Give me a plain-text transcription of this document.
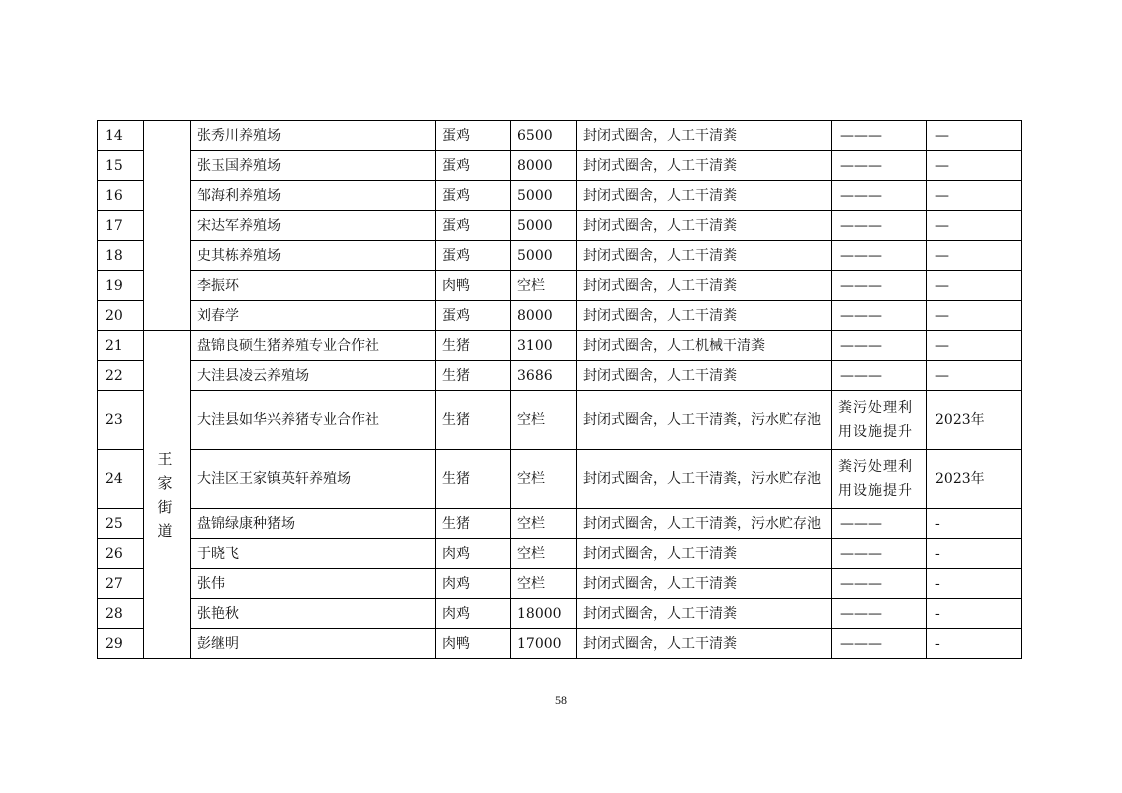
14		张秀川养殖场	蛋鸡	6500	封闭式圈舍，人工干清粪	———	—
15		张玉国养殖场	蛋鸡	8000	封闭式圈舍，人工干清粪	———	—
16		邹海利养殖场	蛋鸡	5000	封闭式圈舍，人工干清粪	———	—
17		宋达军养殖场	蛋鸡	5000	封闭式圈舍，人工干清粪	———	—
18		史其栋养殖场	蛋鸡	5000	封闭式圈舍，人工干清粪	———	—
19		李振环	肉鸭	空栏	封闭式圈舍，人工干清粪	———	—
20		刘春学	蛋鸡	8000	封闭式圈舍，人工干清粪	———	—
21	王家街道	盘锦良硕生猪养殖专业合作社	生猪	3100	封闭式圈舍，人工机械干清粪	———	—
22		大洼县凌云养殖场	生猪	3686	封闭式圈舍，人工干清粪	———	—
23		大洼县如华兴养猪专业合作社	生猪	空栏	封闭式圈舍，人工干清粪，污水贮存池	粪污处理利用设施提升	2023年
24		大洼区王家镇英轩养殖场	生猪	空栏	封闭式圈舍，人工干清粪，污水贮存池	粪污处理利用设施提升	2023年
25		盘锦绿康种猪场	生猪	空栏	封闭式圈舍，人工干清粪，污水贮存池	———	-
26		于晓飞	肉鸡	空栏	封闭式圈舍，人工干清粪	———	-
27		张伟	肉鸡	空栏	封闭式圈舍，人工干清粪	———	-
28		张艳秋	肉鸡	18000	封闭式圈舍，人工干清粪	———	-
29		彭继明	肉鸭	17000	封闭式圈舍，人工干清粪	———	-
58
